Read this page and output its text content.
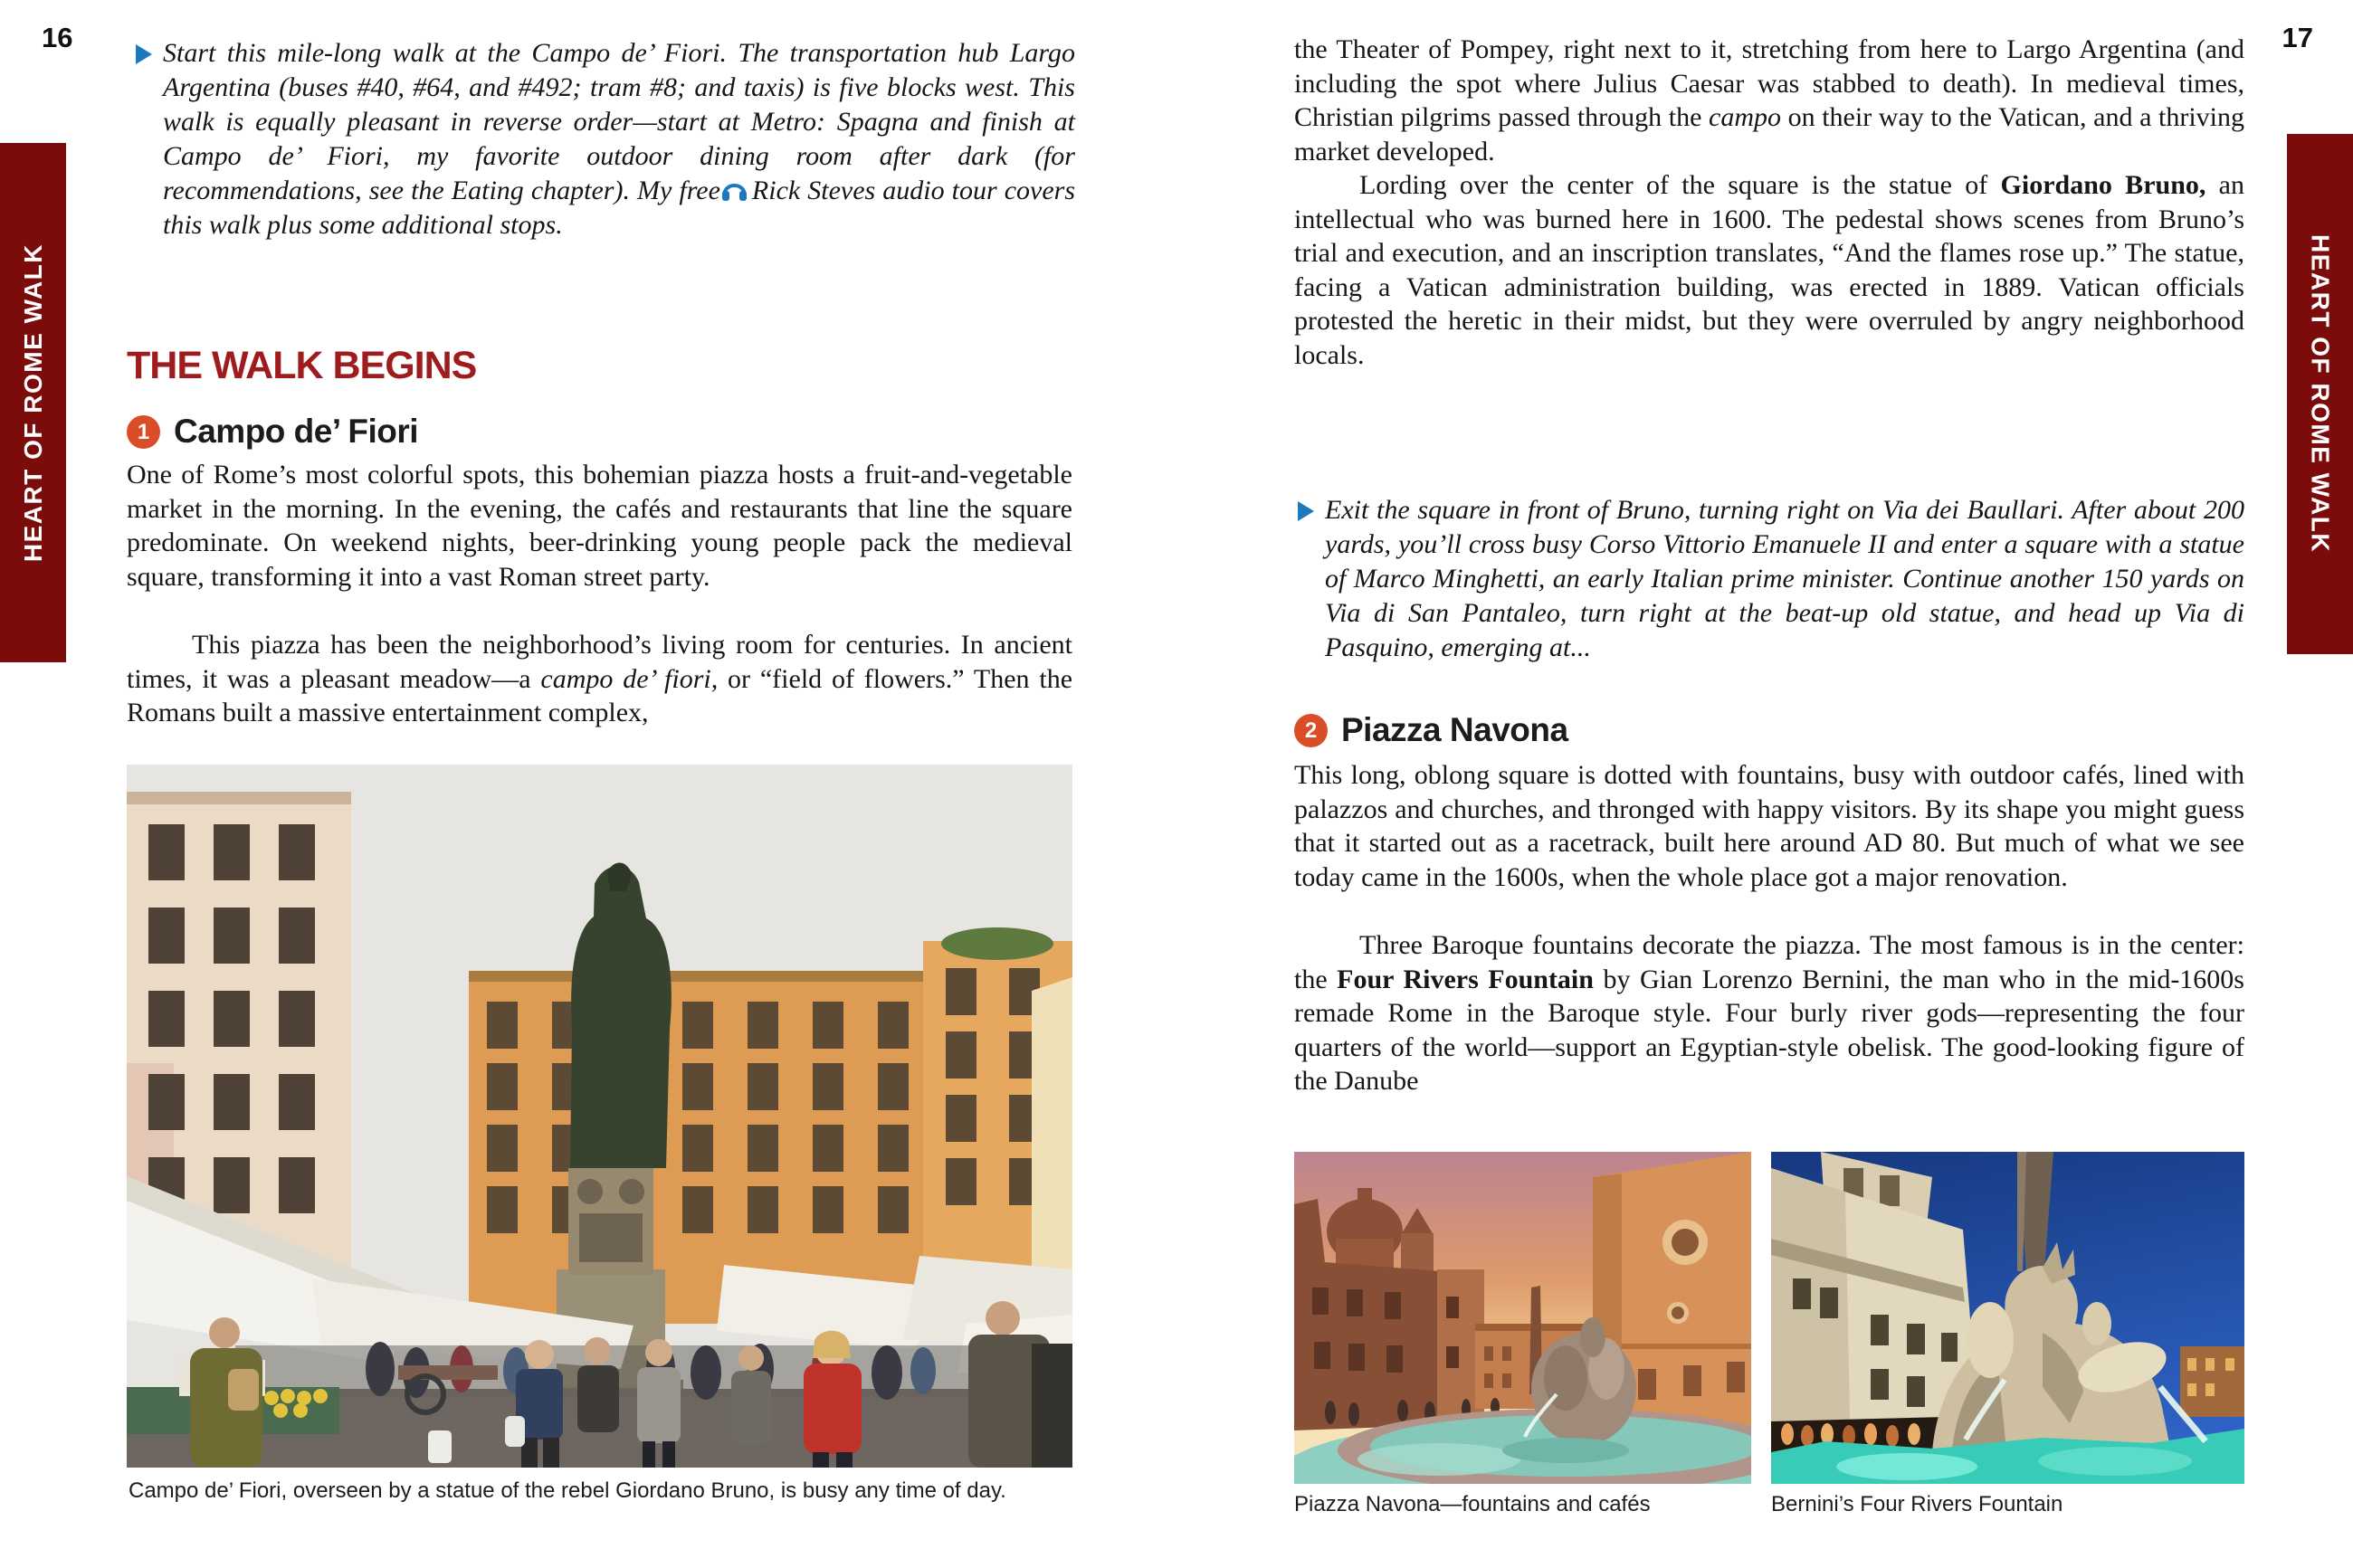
16
HEART OF ROME WALK

Start this mile-long walk at the Campo de’ Fiori. The transportation hub Largo Argentina (buses #40, #64, and #492; tram #8; and taxis) is five blocks west. This walk is equally pleasant in reverse order—start at Metro: Spagna and finish at Campo de’ Fiori, my favorite outdoor dining room after dark (for recommendations, see the Eating chapter). My free Rick Steves audio tour covers this walk plus some additional stops.

THE WALK BEGINS
1 Campo de’ Fiori

One of Rome’s most colorful spots, this bohemian piazza hosts a fruit-and-vegetable market in the morning. In the evening, the cafés and restaurants that line the square predominate. On weekend nights, beer-drinking young people pack the medieval square, transforming it into a vast Roman street party.

This piazza has been the neighborhood’s living room for centuries. In ancient times, it was a pleasant meadow—a campo de’ fiori, or “field of flowers.” Then the Romans built a massive entertainment complex,

Campo de’ Fiori, overseen by a statue of the rebel Giordano Bruno, is busy any time of day.

17
HEART OF ROME WALK

the Theater of Pompey, right next to it, stretching from here to Largo Argentina (and including the spot where Julius Caesar was stabbed to death). In medieval times, Christian pilgrims passed through the campo on their way to the Vatican, and a thriving market developed.

Lording over the center of the square is the statue of Giordano Bruno, an intellectual who was burned here in 1600. The pedestal shows scenes from Bruno’s trial and execution, and an inscription translates, “And the flames rose up.” The statue, facing a Vatican administration building, was erected in 1889. Vatican officials protested the heretic in their midst, but they were overruled by angry neighborhood locals.

Exit the square in front of Bruno, turning right on Via dei Baullari. After about 200 yards, you’ll cross busy Corso Vittorio Emanuele II and enter a square with a statue of Marco Minghetti, an early Italian prime minister. Continue another 150 yards on Via di San Pantaleo, turn right at the beat-up old statue, and head up Via di Pasquino, emerging at...

2 Piazza Navona

This long, oblong square is dotted with fountains, busy with outdoor cafés, lined with palazzos and churches, and thronged with happy visitors. By its shape you might guess that it started out as a racetrack, built here around AD 80. But much of what we see today came in the 1600s, when the whole place got a major renovation.

Three Baroque fountains decorate the piazza. The most famous is in the center: the Four Rivers Fountain by Gian Lorenzo Bernini, the man who in the mid-1600s remade Rome in the Baroque style. Four burly river gods—representing the four quarters of the world—support an Egyptian-style obelisk. The good-looking figure of the Danube

Piazza Navona—fountains and cafés	Bernini’s Four Rivers Fountain
